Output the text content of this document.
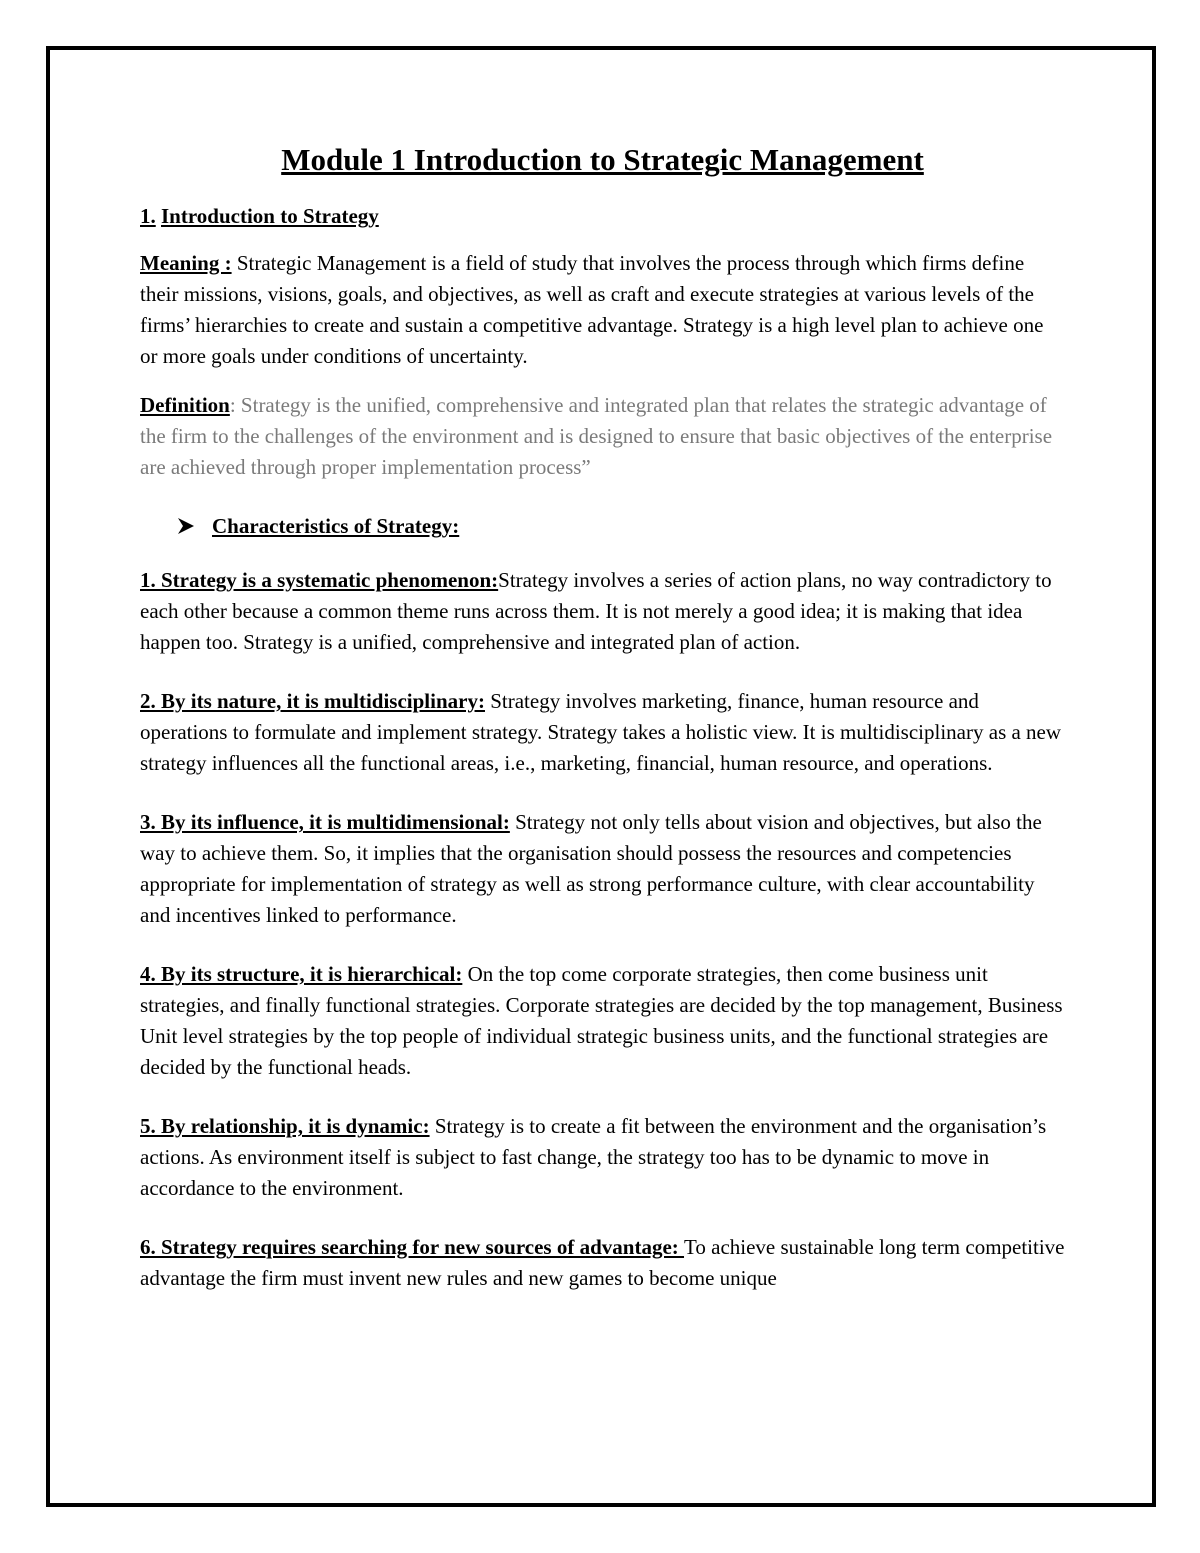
Module 1 Introduction to Strategic Management
1. Introduction to Strategy

Meaning : Strategic Management is a field of study that involves the process through which firms define their missions, visions, goals, and objectives, as well as craft and execute strategies at various levels of the firms’ hierarchies to create and sustain a competitive advantage. Strategy is a high level plan to achieve one or more goals under conditions of uncertainty.

Definition: Strategy is the unified, comprehensive and integrated plan that relates the strategic advantage of the firm to the challenges of the environment and is designed to ensure that basic objectives of the enterprise are achieved through proper implementation process”

Characteristics of Strategy:

1. Strategy is a systematic phenomenon:Strategy involves a series of action plans, no way contradictory to each other because a common theme runs across them. It is not merely a good idea; it is making that idea happen too. Strategy is a unified, comprehensive and integrated plan of action.

2. By its nature, it is multidisciplinary: Strategy involves marketing, finance, human resource and operations to formulate and implement strategy. Strategy takes a holistic view. It is multidisciplinary as a new strategy influences all the functional areas, i.e., marketing, financial, human resource, and operations.

3. By its influence, it is multidimensional: Strategy not only tells about vision and objectives, but also the way to achieve them. So, it implies that the organisation should possess the resources and competencies appropriate for implementation of strategy as well as strong performance culture, with clear accountability and incentives linked to performance.

4. By its structure, it is hierarchical: On the top come corporate strategies, then come business unit strategies, and finally functional strategies. Corporate strategies are decided by the top management, Business Unit level strategies by the top people of individual strategic business units, and the functional strategies are decided by the functional heads.

5. By relationship, it is dynamic: Strategy is to create a fit between the environment and the organisation’s actions. As environment itself is subject to fast change, the strategy too has to be dynamic to move in accordance to the environment.

6. Strategy requires searching for new sources of advantage: To achieve sustainable long term competitive advantage the firm must invent new rules and new games to become unique
